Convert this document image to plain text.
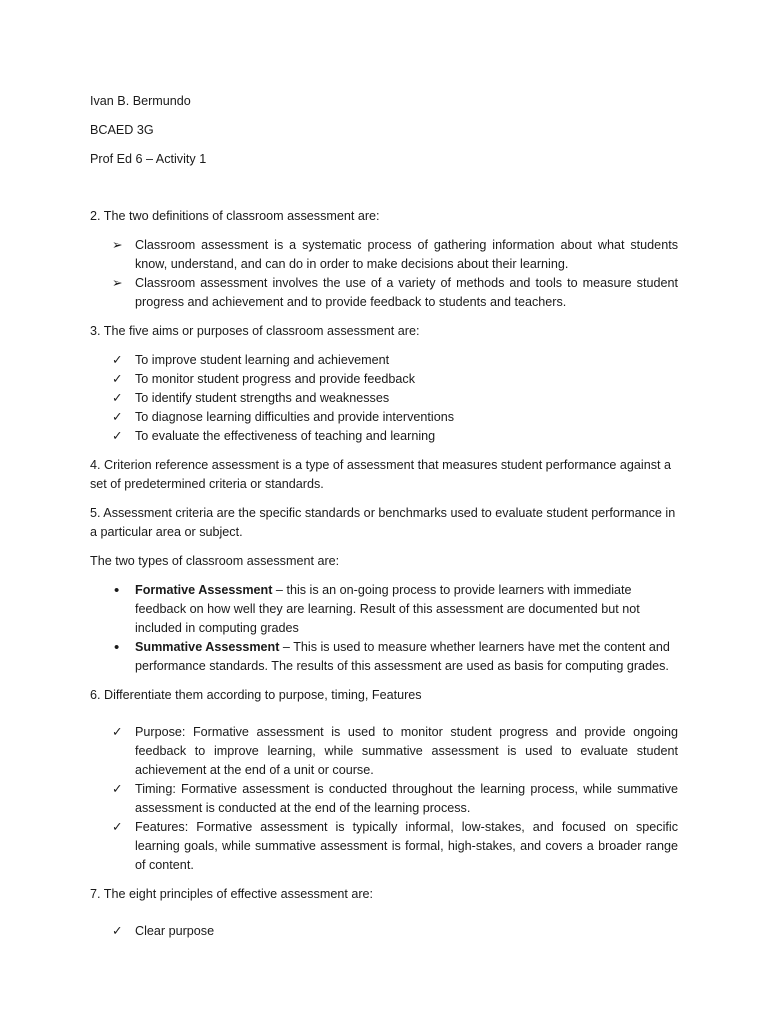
Ivan B. Bermundo

BCAED 3G

Prof Ed 6 – Activity 1

2. The two definitions of classroom assessment are:

➢ Classroom assessment is a systematic process of gathering information about what students know, understand, and can do in order to make decisions about their learning.
➢ Classroom assessment involves the use of a variety of methods and tools to measure student progress and achievement and to provide feedback to students and teachers.

3. The five aims or purposes of classroom assessment are:

✓ To improve student learning and achievement
✓ To monitor student progress and provide feedback
✓ To identify student strengths and weaknesses
✓ To diagnose learning difficulties and provide interventions
✓ To evaluate the effectiveness of teaching and learning

4. Criterion reference assessment is a type of assessment that measures student performance against a set of predetermined criteria or standards.

5. Assessment criteria are the specific standards or benchmarks used to evaluate student performance in a particular area or subject.

The two types of classroom assessment are:

•	Formative Assessment – this is an on-going process to provide learners with immediate feedback on how well they are learning. Result of this assessment are documented but not included in computing grades
•	Summative Assessment – This is used to measure whether learners have met the content and performance standards. The results of this assessment are used as basis for computing grades.

6. Differentiate them according to purpose, timing, Features

✓ Purpose: Formative assessment is used to monitor student progress and provide ongoing feedback to improve learning, while summative assessment is used to evaluate student achievement at the end of a unit or course.
✓ Timing: Formative assessment is conducted throughout the learning process, while summative assessment is conducted at the end of the learning process.
✓ Features: Formative assessment is typically informal, low-stakes, and focused on specific learning goals, while summative assessment is formal, high-stakes, and covers a broader range of content.

7. The eight principles of effective assessment are:

✓ Clear purpose
